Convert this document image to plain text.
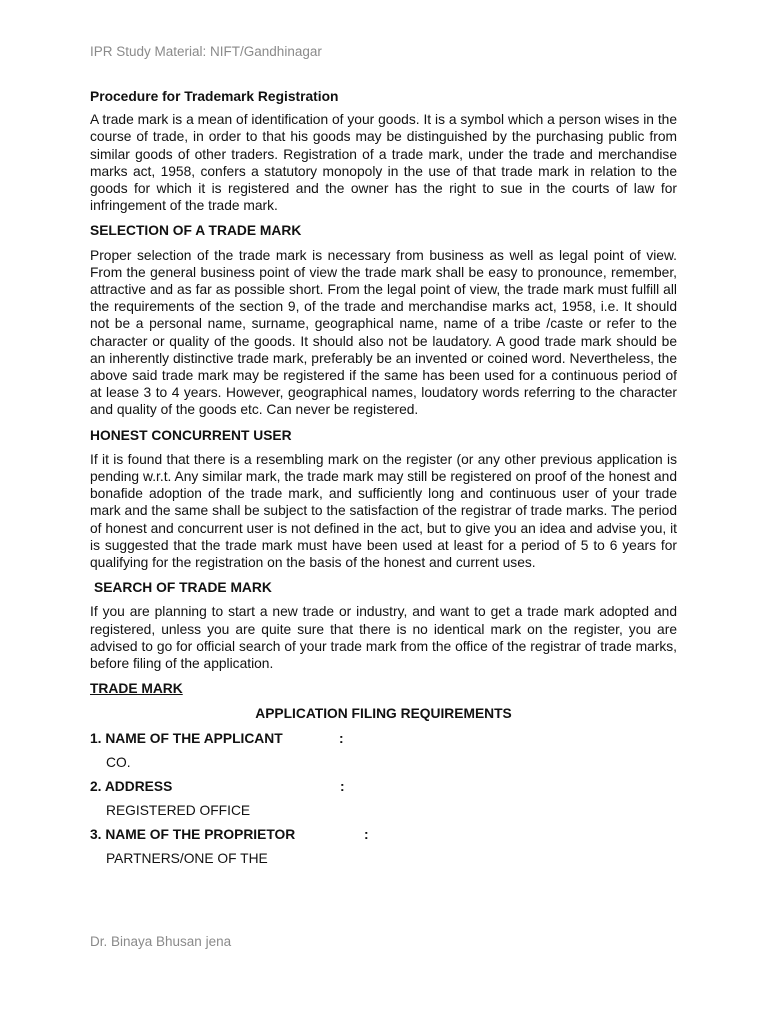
IPR Study Material: NIFT/Gandhinagar
Procedure for Trademark Registration

A trade mark is a mean of identification of your goods. It is a symbol which a person wises in the course of trade, in order to that his goods may be distinguished by the purchasing public from similar goods of other traders. Registration of a trade mark, under the trade and merchandise marks act, 1958, confers a statutory monopoly in the use of that trade mark in relation to the goods for which it is registered and the owner has the right to sue in the courts of law for infringement of the trade mark.

SELECTION OF A TRADE MARK

Proper selection of the trade mark is necessary from business as well as legal point of view. From the general business point of view the trade mark shall be easy to pronounce, remember, attractive and as far as possible short. From the legal point of view, the trade mark must fulfill all the requirements of the section 9, of the trade and merchandise marks act, 1958, i.e. It should not be a personal name, surname, geographical name, name of a tribe /caste or refer to the character or quality of the goods. It should also not be laudatory. A good trade mark should be an inherently distinctive trade mark, preferably be an invented or coined word. Nevertheless, the above said trade mark may be registered if the same has been used for a continuous period of at lease 3 to 4 years. However, geographical names, loudatory words referring to the character and quality of the goods etc. Can never be registered.

HONEST CONCURRENT USER

If it is found that there is a resembling mark on the register (or any other previous application is pending w.r.t. Any similar mark, the trade mark may still be registered on proof of the honest and bonafide adoption of the trade mark, and sufficiently long and continuous user of your trade mark and the same shall be subject to the satisfaction of the registrar of trade marks. The period of honest and concurrent user is not defined in the act, but to give you an idea and advise you, it is suggested that the trade mark must have been used at least for a period of 5 to 6 years for qualifying for the registration on the basis of the honest and current uses.

SEARCH OF TRADE MARK

If you are planning to start a new trade or industry, and want to get a trade mark adopted and registered, unless you are quite sure that there is no identical mark on the register, you are advised to go for official search of your trade mark from the office of the registrar of trade marks, before filing of the application.

TRADE MARK
APPLICATION FILING REQUIREMENTS
1. NAME OF THE APPLICANT	:
CO.
2. ADDRESS	:
REGISTERED OFFICE
3. NAME OF THE PROPRIETOR	:
PARTNERS/ONE OF THE
Dr. Binaya Bhusan jena
